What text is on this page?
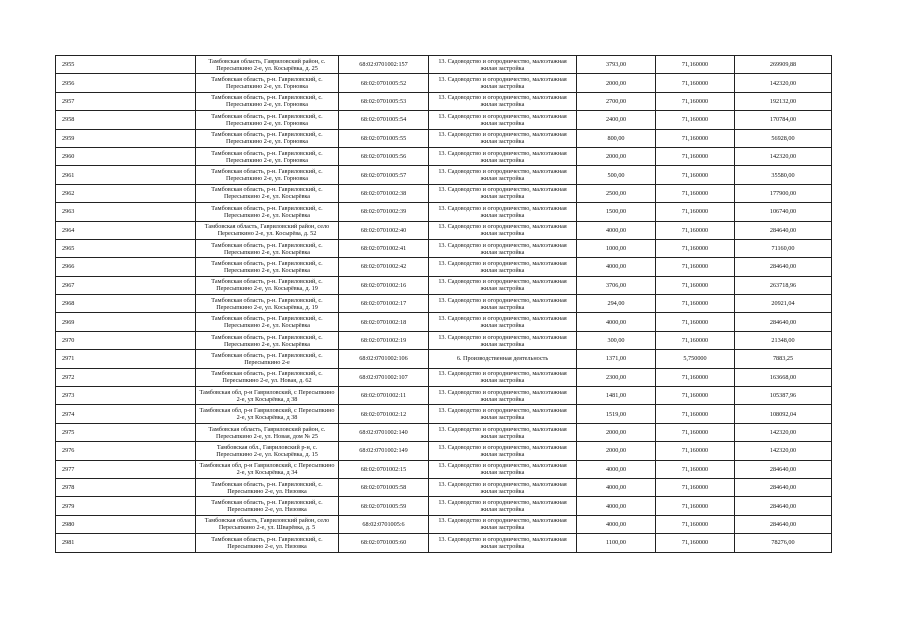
2955	Тамбовская область, Гавриловский район, с. Пересыпкино 2-е, ул. Косырёвка, д. 25	68:02:0701002:157	13. Садоводство и огородничество, малоэтажная жилая застройка	3793,00	71,160000	269909,88
2956	Тамбовская область, р-н. Гавриловский, с. Пересыпкино 2-е, ул. Горновка	68:02:0701005:52	13. Садоводство и огородничество, малоэтажная жилая застройка	2000,00	71,160000	142320,00
2957	Тамбовская область, р-н. Гавриловский, с. Пересыпкино 2-е, ул. Горновка	68:02:0701005:53	13. Садоводство и огородничество, малоэтажная жилая застройка	2700,00	71,160000	192132,00
2958	Тамбовская область, р-н. Гавриловский, с. Пересыпкино 2-е, ул. Горновка	68:02:0701005:54	13. Садоводство и огородничество, малоэтажная жилая застройка	2400,00	71,160000	170784,00
2959	Тамбовская область, р-н. Гавриловский, с. Пересыпкино 2-е, ул. Горновка	68:02:0701005:55	13. Садоводство и огородничество, малоэтажная жилая застройка	800,00	71,160000	56928,00
2960	Тамбовская область, р-н. Гавриловский, с. Пересыпкино 2-е, ул. Горновка	68:02:0701005:56	13. Садоводство и огородничество, малоэтажная жилая застройка	2000,00	71,160000	142320,00
2961	Тамбовская область, р-н. Гавриловский, с. Пересыпкино 2-е, ул. Горновка	68:02:0701005:57	13. Садоводство и огородничество, малоэтажная жилая застройка	500,00	71,160000	35580,00
2962	Тамбовская область, р-н. Гавриловский, с. Пересыпкино 2-е, ул. Косырёвка	68:02:0701002:38	13. Садоводство и огородничество, малоэтажная жилая застройка	2500,00	71,160000	177900,00
2963	Тамбовская область, р-н. Гавриловский, с. Пересыпкино 2-е, ул. Косырёвка	68:02:0701002:39	13. Садоводство и огородничество, малоэтажная жилая застройка	1500,00	71,160000	106740,00
2964	Тамбовская область, Гавриловский район, село Пересыпкино 2-е, ул. Косырёва, д. 52	68:02:0701002:40	13. Садоводство и огородничество, малоэтажная жилая застройка	4000,00	71,160000	284640,00
2965	Тамбовская область, р-н. Гавриловский, с. Пересыпкино 2-е, ул. Косырёвка	68:02:0701002:41	13. Садоводство и огородничество, малоэтажная жилая застройка	1000,00	71,160000	71160,00
2966	Тамбовская область, р-н. Гавриловский, с. Пересыпкино 2-е, ул. Косырёвка	68:02:0701002:42	13. Садоводство и огородничество, малоэтажная жилая застройка	4000,00	71,160000	284640,00
2967	Тамбовская область, р-н. Гавриловский, с. Пересыпкино 2-е, ул. Косырёвка, д. 19	68:02:0701002:16	13. Садоводство и огородничество, малоэтажная жилая застройка	3706,00	71,160000	263718,96
2968	Тамбовская область, р-н. Гавриловский, с. Пересыпкино 2-е, ул. Косырёвка, д. 19	68:02:0701002:17	13. Садоводство и огородничество, малоэтажная жилая застройка	294,00	71,160000	20921,04
2969	Тамбовская область, р-н. Гавриловский, с. Пересыпкино 2-е, ул. Косырёвка	68:02:0701002:18	13. Садоводство и огородничество, малоэтажная жилая застройка	4000,00	71,160000	284640,00
2970	Тамбовская область, р-н. Гавриловский, с. Пересыпкино 2-е, ул. Косырёвка	68:02:0701002:19	13. Садоводство и огородничество, малоэтажная жилая застройка	300,00	71,160000	21348,00
2971	Тамбовская область, р-н. Гавриловский, с. Пересыпкино 2-е	68:02:0701002:106	6. Производственная деятельность	1371,00	5,750000	7883,25
2972	Тамбовская область, р-н. Гавриловский, с. Пересыпкино 2-е, ул. Новая, д. 62	68:02:0701002:107	13. Садоводство и огородничество, малоэтажная жилая застройка	2300,00	71,160000	163668,00
2973	Тамбовская обл, р-н Гавриловский, с Пересыпкино 2-е, ул Косырёвка, д 38	68:02:0701002:11	13. Садоводство и огородничество, малоэтажная жилая застройка	1481,00	71,160000	105387,96
2974	Тамбовская обл, р-н Гавриловский, с Пересыпкино 2-е, ул Косырёвка, д 38	68:02:0701002:12	13. Садоводство и огородничество, малоэтажная жилая застройка	1519,00	71,160000	108092,04
2975	Тамбовская область, Гавриловский район, с. Пересыпкино 2-е, ул. Новая, дом № 25	68:02:0701002:140	13. Садоводство и огородничество, малоэтажная жилая застройка	2000,00	71,160000	142320,00
2976	Тамбовская обл., Гавриловский р-н, с. Пересыпкино 2-е, ул. Косырёвка, д. 15	68:02:0701002:149	13. Садоводство и огородничество, малоэтажная жилая застройка	2000,00	71,160000	142320,00
2977	Тамбовская обл, р-н Гавриловский, с Пересыпкино 2-е, ул Косырёвка, д 34	68:02:0701002:15	13. Садоводство и огородничество, малоэтажная жилая застройка	4000,00	71,160000	284640,00
2978	Тамбовская область, р-н. Гавриловский, с. Пересыпкино 2-е, ул. Низовка	68:02:0701005:58	13. Садоводство и огородничество, малоэтажная жилая застройка	4000,00	71,160000	284640,00
2979	Тамбовская область, р-н. Гавриловский, с. Пересыпкино 2-е, ул. Низовка	68:02:0701005:59	13. Садоводство и огородничество, малоэтажная жилая застройка	4000,00	71,160000	284640,00
2980	Тамбовская область, Гавриловский район, село Пересыпкино 2-е, ул. Шварёвка, д. 5	68:02:0701005:6	13. Садоводство и огородничество, малоэтажная жилая застройка	4000,00	71,160000	284640,00
2981	Тамбовская область, р-н. Гавриловский, с. Пересыпкино 2-е, ул. Низовка	68:02:0701005:60	13. Садоводство и огородничество, малоэтажная жилая застройка	1100,00	71,160000	78276,00
